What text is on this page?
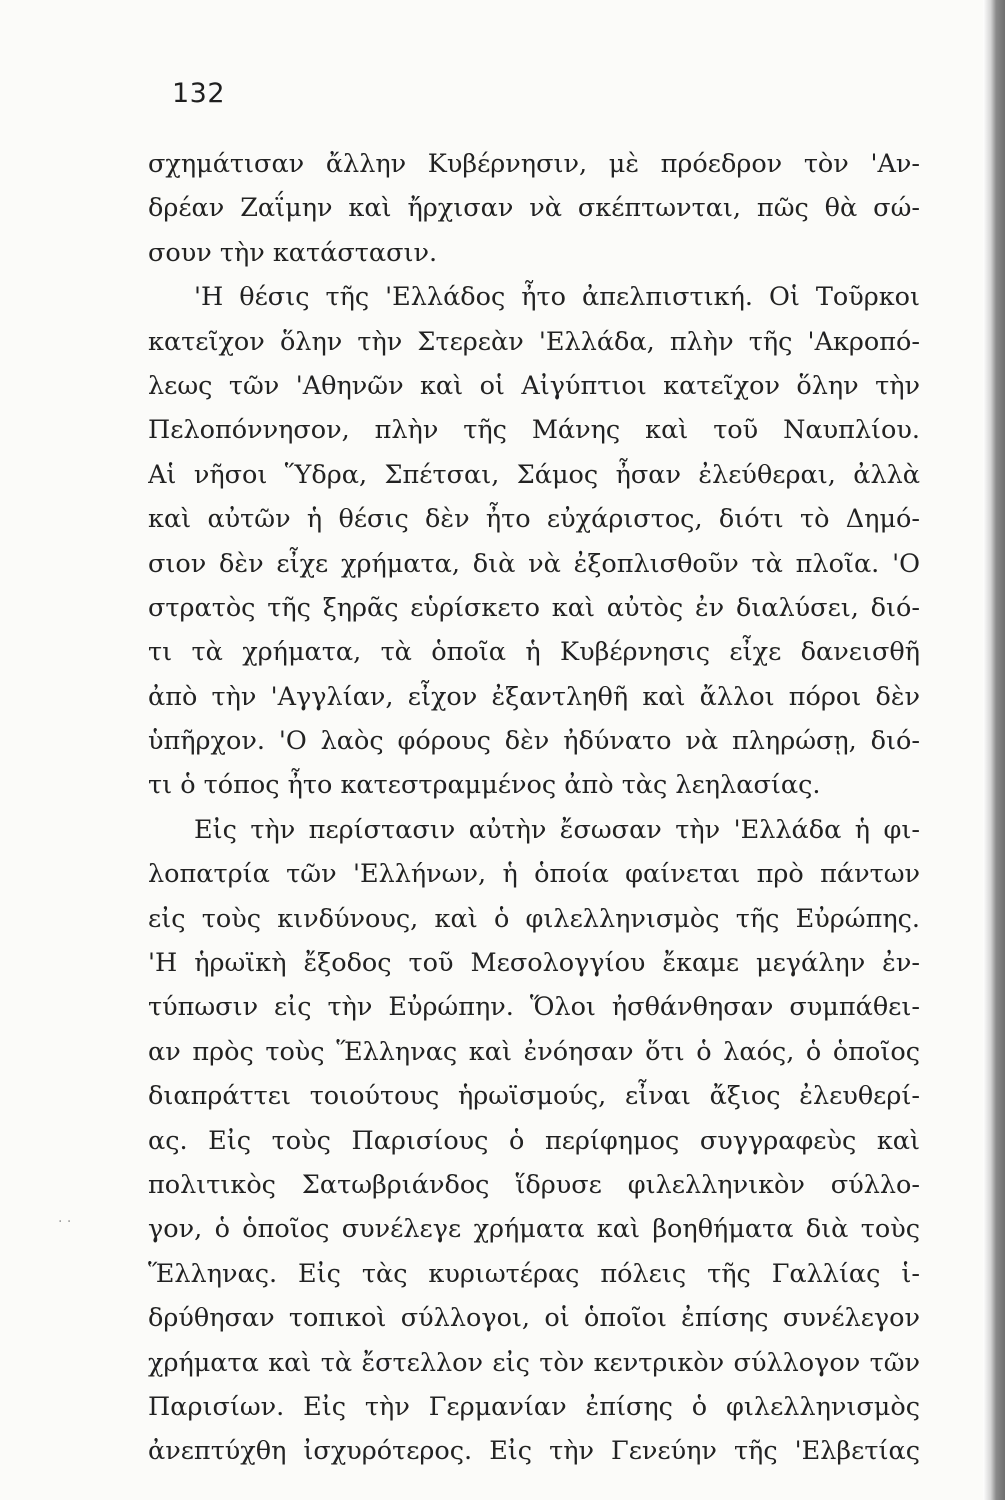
132
σχημάτισαν ἄλλην Κυβέρνησιν, μὲ πρόεδρον τὸν 'Αν-
δρέαν Ζαΐμην καὶ ἤρχισαν νὰ σκέπτωνται, πῶς θὰ σώ-
σουν τὴν κατάστασιν.
'Η θέσις τῆς 'Ελλάδος ἦτο ἀπελπιστική. Οἱ Τοῦρκοι
κατεῖχον ὅλην τὴν Στερεὰν 'Ελλάδα, πλὴν τῆς 'Ακροπό-
λεως τῶν 'Αθηνῶν καὶ οἱ Αἰγύπτιοι κατεῖχον ὅλην τὴν
Πελοπόννησον, πλὴν τῆς Μάνης καὶ τοῦ Ναυπλίου.
Αἱ νῆσοι Ὕδρα, Σπέτσαι, Σάμος ἦσαν ἐλεύθεραι, ἀλλὰ
καὶ αὐτῶν ἡ θέσις δὲν ἦτο εὐχάριστος, διότι τὸ Δημό-
σιον δὲν εἶχε χρήματα, διὰ νὰ ἐξοπλισθοῦν τὰ πλοῖα. 'Ο
στρατὸς τῆς ξηρᾶς εὑρίσκετο καὶ αὐτὸς ἐν διαλύσει, διό-
τι τὰ χρήματα, τὰ ὁποῖα ἡ Κυβέρνησις εἶχε δανεισθῆ
ἀπὸ τὴν 'Αγγλίαν, εἶχον ἐξαντληθῆ καὶ ἄλλοι πόροι δὲν
ὑπῆρχον. 'Ο λαὸς φόρους δὲν ἠδύνατο νὰ πληρώσῃ, διό-
τι ὁ τόπος ἦτο κατεστραμμένος ἀπὸ τὰς λεηλασίας.
Εἰς τὴν περίστασιν αὐτὴν ἔσωσαν τὴν 'Ελλάδα ἡ φι-
λοπατρία τῶν 'Ελλήνων, ἡ ὁποία φαίνεται πρὸ πάντων
εἰς τοὺς κινδύνους, καὶ ὁ φιλελληνισμὸς τῆς Εὐρώπης.
'Η ἡρωϊκὴ ἔξοδος τοῦ Μεσολογγίου ἔκαμε μεγάλην ἐν-
τύπωσιν εἰς τὴν Εὐρώπην. Ὅλοι ἠσθάνθησαν συμπάθει-
αν πρὸς τοὺς Ἕλληνας καὶ ἐνόησαν ὅτι ὁ λαός, ὁ ὁποῖος
διαπράττει τοιούτους ἡρωϊσμούς, εἶναι ἄξιος ἐλευθερί-
ας. Εἰς τοὺς Παρισίους ὁ περίφημος συγγραφεὺς καὶ
πολιτικὸς Σατωβριάνδος ἵδρυσε φιλελληνικὸν σύλλο-
γον, ὁ ὁποῖος συνέλεγε χρήματα καὶ βοηθήματα διὰ τοὺς
Ἕλληνας. Εἰς τὰς κυριωτέρας πόλεις τῆς Γαλλίας ἱ-
δρύθησαν τοπικοὶ σύλλογοι, οἱ ὁποῖοι ἐπίσης συνέλεγον
χρήματα καὶ τὰ ἔστελλον εἰς τὸν κεντρικὸν σύλλογον τῶν
Παρισίων. Εἰς τὴν Γερμανίαν ἐπίσης ὁ φιλελληνισμὸς
ἀνεπτύχθη ἰσχυρότερος. Εἰς τὴν Γενεύην τῆς 'Ελβετίας
· ·
